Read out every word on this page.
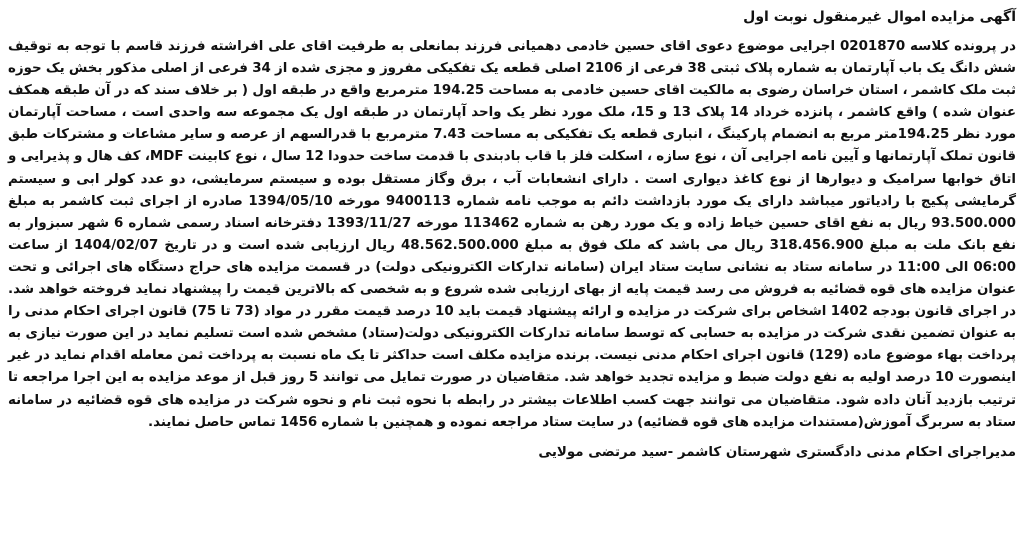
آگهی مزایده اموال غیرمنقول نوبت اول

در پرونده کلاسه 0201870 اجرایی موضوع دعوی اقای حسین خادمی دهمیانی فرزند بمانعلی به طرفیت اقای علی افراشته فرزند قاسم با توجه به توقیف شش دانگ یک باب آپارتمان به شماره پلاک ثبتی 38 فرعی از 2106 اصلی قطعه یک تفکیکی مفروز و مجزی شده از 34 فرعی از اصلی مذکور بخش یک حوزه ثبت ملک کاشمر ، استان خراسان رضوی به مالکیت اقای حسین خادمی به مساحت 194.25 مترمربع واقع در طبقه اول ( بر خلاف سند که در آن طبقه همکف عنوان شده ) واقع کاشمر ، پانزده خرداد 14 پلاک 13 و 15، ملک مورد نظر یک واحد آپارتمان در طبقه اول یک مجموعه سه واحدی است ، مساحت آپارتمان مورد نظر 194.25متر مربع به انضمام پارکینگ ، انباری قطعه یک تفکیکی به مساحت 7.43 مترمربع با قدرالسهم از عرصه و سایر مشاعات و مشترکات طبق قانون تملک آپارتمانها و آیین نامه اجرایی آن ، نوع سازه ، اسکلت فلز با قاب بادبندی با قدمت ساخت حدودا 12 سال ، نوع کابینت MDF، کف هال و پذیرایی و اتاق خوابها سرامیک و دیوارها از نوع کاغذ دیواری است . دارای انشعابات آب ، برق وگاز مستقل بوده و سیستم سرمایشی، دو عدد کولر ابی و سیستم گرمایشی پکیج با رادیاتور میباشد دارای یک مورد بازداشت دائم به موجب نامه شماره 9400113 مورخه 1394/05/10 صادره از اجرای ثبت کاشمر به مبلغ 93.500.000 ریال به نفع اقای حسین خیاط زاده و یک مورد رهن به شماره 113462 مورخه 1393/11/27 دفترخانه اسناد رسمی شماره 6 شهر سبزوار به نفع بانک ملت به مبلغ 318.456.900 ریال می باشد که ملک فوق به مبلغ 48.562.500.000 ریال ارزیابی شده است و در تاریخ 1404/02/07 از ساعت 06:00 الی 11:00 در سامانه ستاد به نشانی سایت ستاد ایران (سامانه تدارکات الکترونیکی دولت) در قسمت مزایده های حراج دستگاه های اجرائی و تحت عنوان مزایده های قوه قضائیه به فروش می رسد قیمت پایه از بهای ارزیابی شده شروع و به شخصی که بالاترین قیمت را پیشنهاد نماید فروخته خواهد شد. در اجرای قانون بودجه 1402 اشخاص برای شرکت در مزایده و ارائه پیشنهاد قیمت باید 10 درصد قیمت مقرر در مواد (73 تا 75) قانون اجرای احکام مدنی را به عنوان تضمین نقدی شرکت در مزایده به حسابی که توسط سامانه تدارکات الکترونیکی دولت(ستاد) مشخص شده است تسلیم نماید در این صورت نیازی به پرداخت بهاء موضوع ماده (129) قانون اجرای احکام مدنی نیست. برنده مزایده مکلف است حداکثر تا یک ماه نسبت به پرداخت ثمن معامله اقدام نماید در غیر اینصورت 10 درصد اولیه به نفع دولت ضبط و مزایده تجدید خواهد شد. متقاضیان در صورت تمایل می توانند 5 روز قبل از موعد مزایده به این اجرا مراجعه تا ترتیب بازدید آنان داده شود. متقاضیان می توانند جهت کسب اطلاعات بیشتر در رابطه با نحوه ثبت نام و نحوه شرکت در مزایده های قوه قضائیه در سامانه ستاد به سربرگ آموزش(مستندات مزایده های قوه قضائیه) در سایت ستاد مراجعه نموده و همچنین با شماره 1456 تماس حاصل نمایند.

مدیراجرای احکام مدنی دادگستری شهرستان کاشمر -سید مرتضی مولایی
